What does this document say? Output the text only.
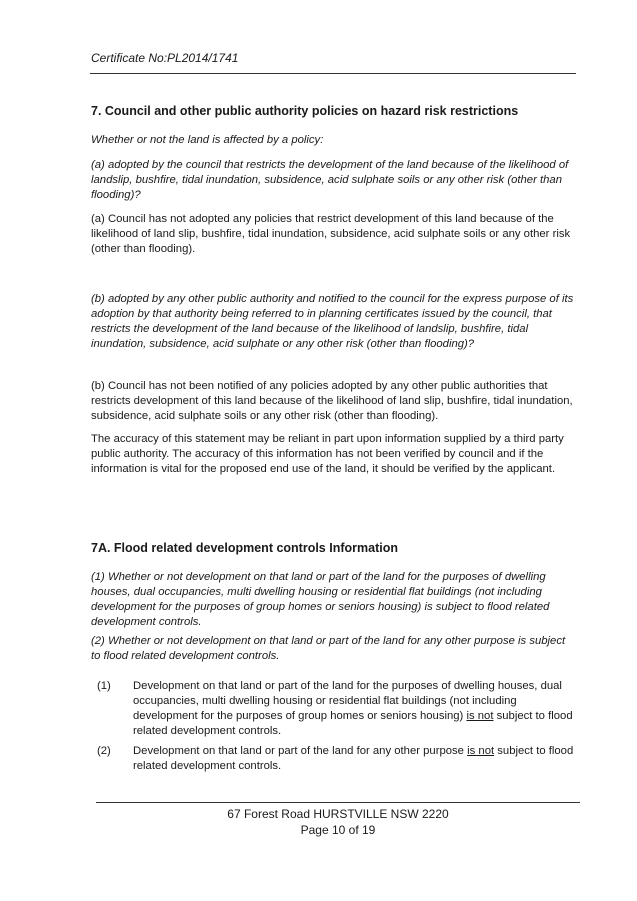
Certificate No:PL2014/1741
7. Council and other public authority policies on hazard risk restrictions
Whether or not the land is affected by a policy:
(a) adopted by the council that restricts the development of the land because of the likelihood of landslip, bushfire, tidal inundation, subsidence, acid sulphate soils or any other risk (other than flooding)?
(a) Council has not adopted any policies that restrict development of this land because of the likelihood of land slip, bushfire, tidal inundation, subsidence, acid sulphate soils or any other risk (other than flooding).
(b) adopted by any other public authority and notified to the council for the express purpose of its adoption by that authority being referred to in planning certificates issued by the council, that restricts the development of the land because of the likelihood of landslip, bushfire, tidal inundation, subsidence, acid sulphate or any other risk (other than flooding)?
(b) Council has not been notified of any policies adopted by any other public authorities that restricts development of this land because of the likelihood of land slip, bushfire, tidal inundation, subsidence, acid sulphate soils or any other risk (other than flooding).
The accuracy of this statement may be reliant in part upon information supplied by a third party public authority. The accuracy of this information has not been verified by council and if the information is vital for the proposed end use of the land, it should be verified by the applicant.
7A. Flood related development controls Information
(1) Whether or not development on that land or part of the land for the purposes of dwelling houses, dual occupancies, multi dwelling housing or residential flat buildings (not including development for the purposes of group homes or seniors housing) is subject to flood related development controls.
(2) Whether or not development on that land or part of the land for any other purpose is subject to flood related development controls.
(1) Development on that land or part of the land for the purposes of dwelling houses, dual occupancies, multi dwelling housing or residential flat buildings (not including development for the purposes of group homes or seniors housing) is not subject to flood related development controls.
(2) Development on that land or part of the land for any other purpose is not subject to flood related development controls.
67 Forest Road HURSTVILLE NSW 2220
Page 10 of 19
